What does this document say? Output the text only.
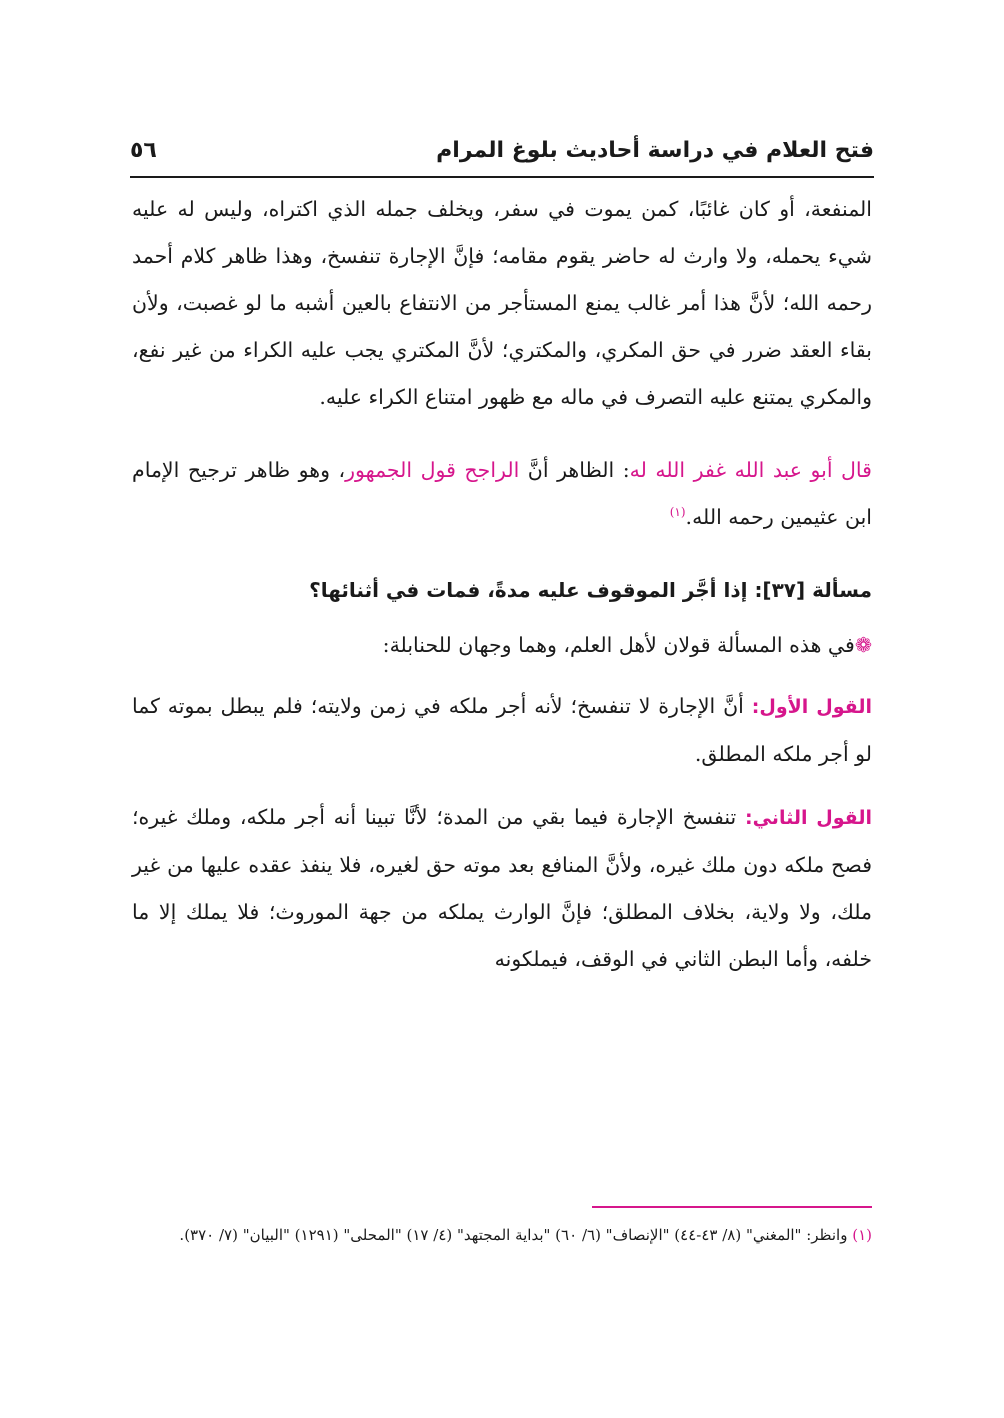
فتح العلام في دراسة أحاديث بلوغ المرام
٥٦

المنفعة، أو كان غائبًا، كمن يموت في سفر، ويخلف جمله الذي اكتراه، وليس له عليه شيء يحمله، ولا وارث له حاضر يقوم مقامه؛ فإنَّ الإجارة تنفسخ، وهذا ظاهر كلام أحمد رحمه الله؛ لأنَّ هذا أمر غالب يمنع المستأجر من الانتفاع بالعين أشبه ما لو غصبت، ولأن بقاء العقد ضرر في حق المكري، والمكتري؛ لأنَّ المكتري يجب عليه الكراء من غير نفع، والمكري يمتنع عليه التصرف في ماله مع ظهور امتناع الكراء عليه.

قال أبو عبد الله غفر الله له: الظاهر أنَّ الراجح قول الجمهور، وهو ظاهر ترجيح الإمام ابن عثيمين رحمه الله.$^{(١)}$

مسألة [٣٧]: إذا أجَّر الموقوف عليه مدةً، فمات في أثنائها؟

❁في هذه المسألة قولان لأهل العلم، وهما وجهان للحنابلة:

القول الأول: أنَّ الإجارة لا تنفسخ؛ لأنه أجر ملكه في زمن ولايته؛ فلم يبطل بموته كما لو أجر ملكه المطلق.

القول الثاني: تنفسخ الإجارة فيما بقي من المدة؛ لأنَّا تبينا أنه أجر ملكه، وملك غيره؛ فصح ملكه دون ملك غيره، ولأنَّ المنافع بعد موته حق لغيره، فلا ينفذ عقده عليها من غير ملك، ولا ولاية، بخلاف المطلق؛ فإنَّ الوارث يملكه من جهة الموروث؛ فلا يملك إلا ما خلفه، وأما البطن الثاني في الوقف، فيملكونه

(١) وانظر: "المغني" (٨/ ٤٣-٤٤) "الإنصاف" (٦/ ٦٠) "بداية المجتهد" (٤/ ١٧) "المحلى" (١٢٩١) "البيان" (٧/ ٣٧٠).
